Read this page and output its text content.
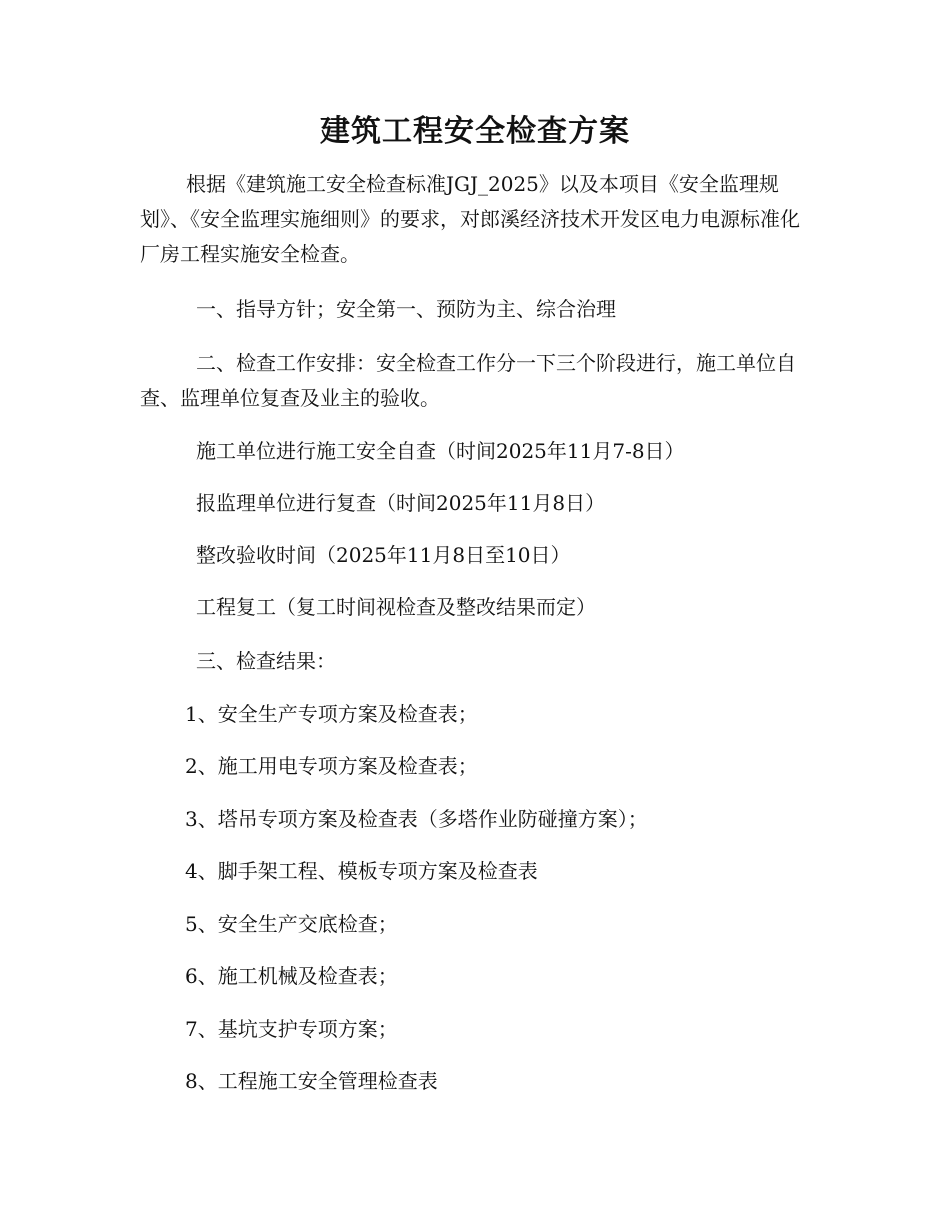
建筑工程安全检查方案

根据《建筑施工安全检查标准JGJ_2025》以及本项目《安全监理规划》、《安全监理实施细则》的要求，对郎溪经济技术开发区电力电源标准化厂房工程实施安全检查。

一、指导方针；安全第一、预防为主、综合治理

二、检查工作安排：安全检查工作分一下三个阶段进行，施工单位自查、监理单位复查及业主的验收。

施工单位进行施工安全自查（时间2025年11月7-8日）

报监理单位进行复查（时间2025年11月8日）

整改验收时间（2025年11月8日至10日）

工程复工（复工时间视检查及整改结果而定）

三、检查结果：

1、安全生产专项方案及检查表；

2、施工用电专项方案及检查表；

3、塔吊专项方案及检查表（多塔作业防碰撞方案）；

4、脚手架工程、模板专项方案及检查表

5、安全生产交底检查；

6、施工机械及检查表；

7、基坑支护专项方案；

8、工程施工安全管理检查表
